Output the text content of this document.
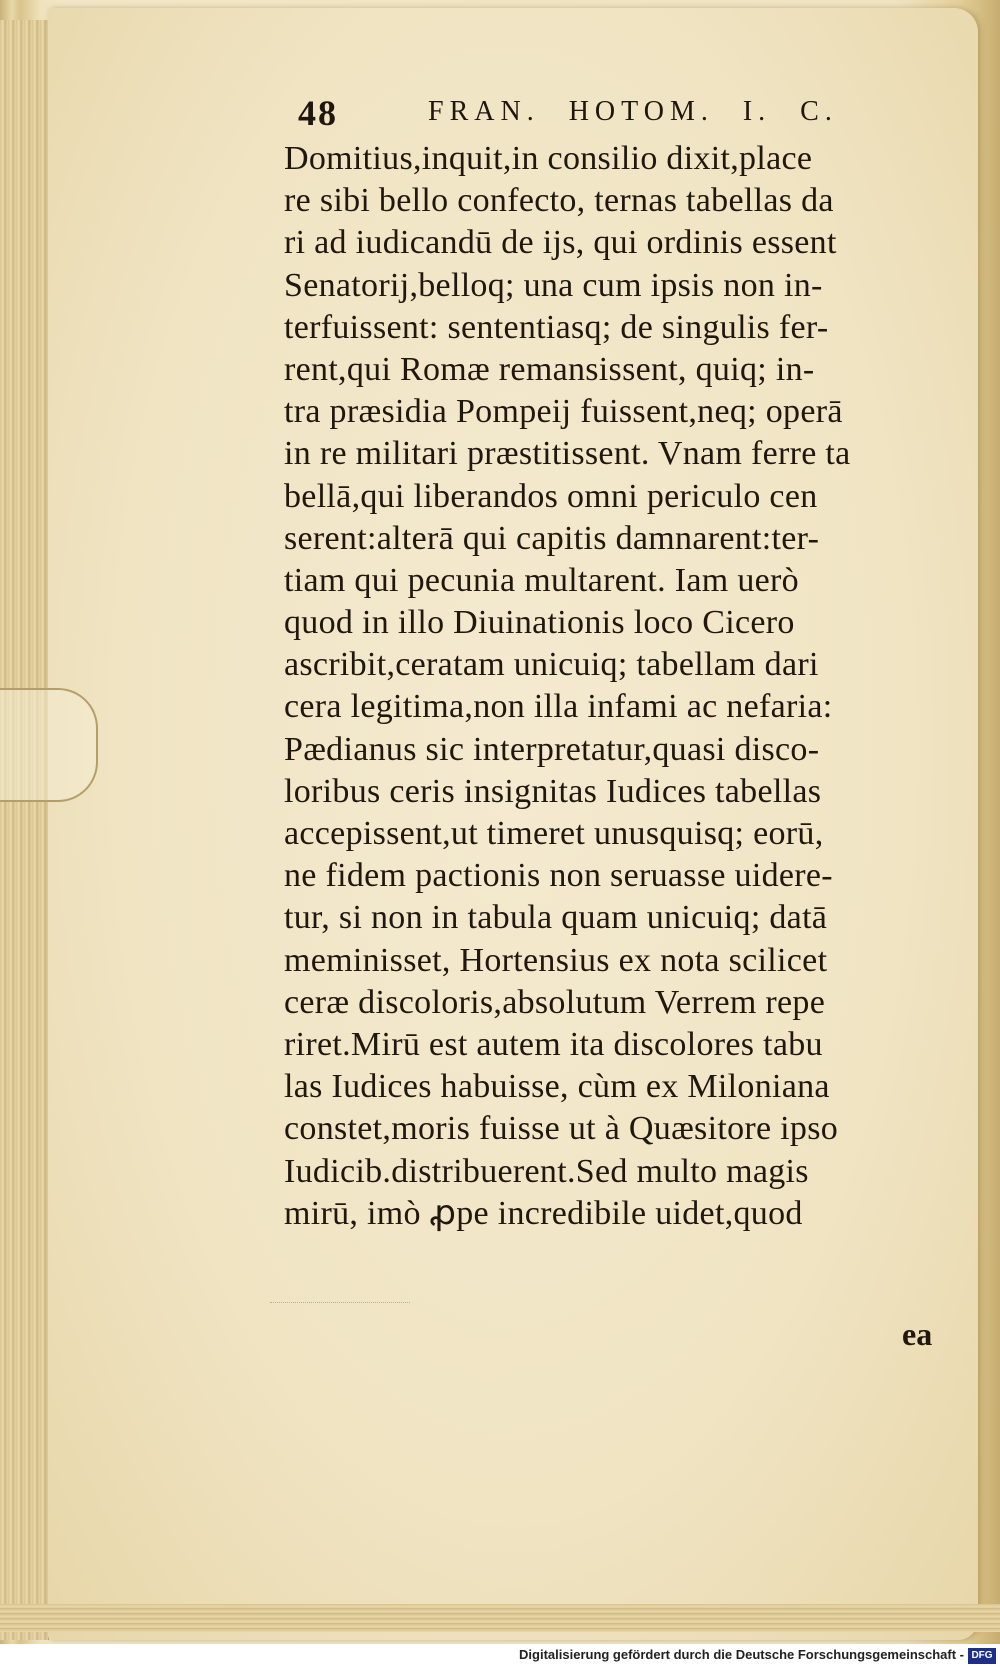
48	FRAN. HOTOM. I. C.
Domitius,inquit,in consilio dixit,place
re sibi bello confecto, ternas tabellas da
ri ad iudicandū de ijs, qui ordinis essent
Senatorij,belloq; una cum ipsis non in-
terfuissent: sententiasq; de singulis fer-
rent,qui Romæ remansissent, quiq; in-
tra præsidia Pompeij fuissent,neq; operā
in re militari præstitissent. Vnam ferre ta
bellā,qui liberandos omni periculo cen
serent:alterā qui capitis damnarent:ter-
tiam qui pecunia multarent. Iam uerò
quod in illo Diuinationis loco Cicero
ascribit,ceratam unicuiq; tabellam dari
cera legitima,non illa infami ac nefaria:
Pædianus sic interpretatur,quasi disco-
loribus ceris insignitas Iudices tabellas
accepissent,ut timeret unusquisq; eorū,
ne fidem pactionis non seruasse uidere-
tur, si non in tabula quam unicuiq; datā
meminisset, Hortensius ex nota scilicet
ceræ discoloris,absolutum Verrem repe
riret.Mirū est autem ita discolores tabu
las Iudices habuisse, cùm ex Miloniana
constet,moris fuisse ut à Quæsitore ipso
Iudicib.distribuerent.Sed multo magis
mirū, imò ꝓpe incredibile uidet,quod
ea
Digitalisierung gefördert durch die Deutsche Forschungsgemeinschaft - DFG
